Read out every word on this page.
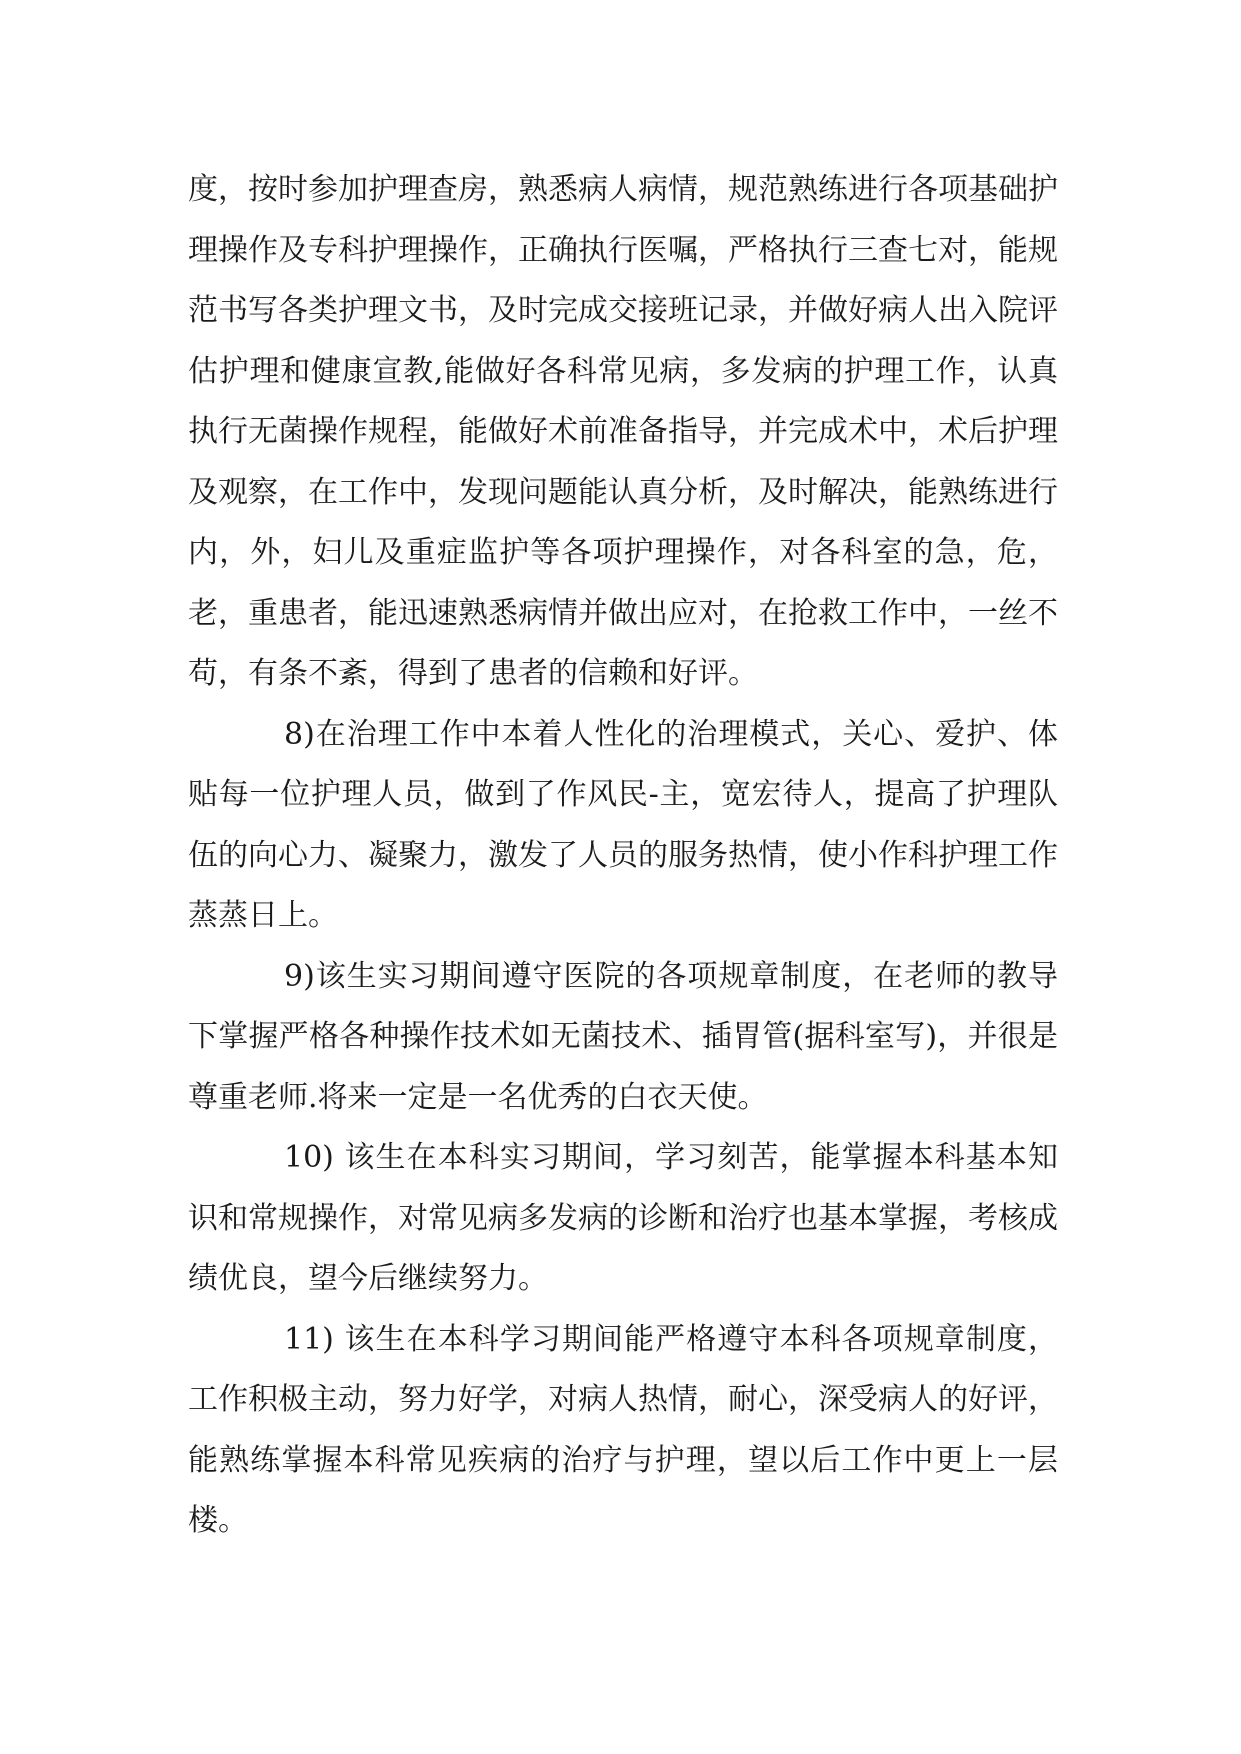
度，按时参加护理查房，熟悉病人病情，规范熟练进行各项基础护理操作及专科护理操作，正确执行医嘱，严格执行三查七对，能规范书写各类护理文书，及时完成交接班记录，并做好病人出入院评估护理和健康宣教,能做好各科常见病，多发病的护理工作，认真执行无菌操作规程，能做好术前准备指导，并完成术中，术后护理及观察，在工作中，发现问题能认真分析，及时解决，能熟练进行内，外，妇儿及重症监护等各项护理操作，对各科室的急，危，老，重患者，能迅速熟悉病情并做出应对，在抢救工作中，一丝不苟，有条不紊，得到了患者的信赖和好评。

8)在治理工作中本着人性化的治理模式，关心、爱护、体贴每一位护理人员，做到了作风民-主，宽宏待人，提高了护理队伍的向心力、凝聚力，激发了人员的服务热情，使小作科护理工作蒸蒸日上。

9)该生实习期间遵守医院的各项规章制度，在老师的教导下掌握严格各种操作技术如无菌技术、插胃管(据科室写)，并很是尊重老师.将来一定是一名优秀的白衣天使。

10) 该生在本科实习期间，学习刻苦，能掌握本科基本知识和常规操作，对常见病多发病的诊断和治疗也基本掌握，考核成绩优良，望今后继续努力。

11) 该生在本科学习期间能严格遵守本科各项规章制度，工作积极主动，努力好学，对病人热情，耐心，深受病人的好评，能熟练掌握本科常见疾病的治疗与护理，望以后工作中更上一层楼。
